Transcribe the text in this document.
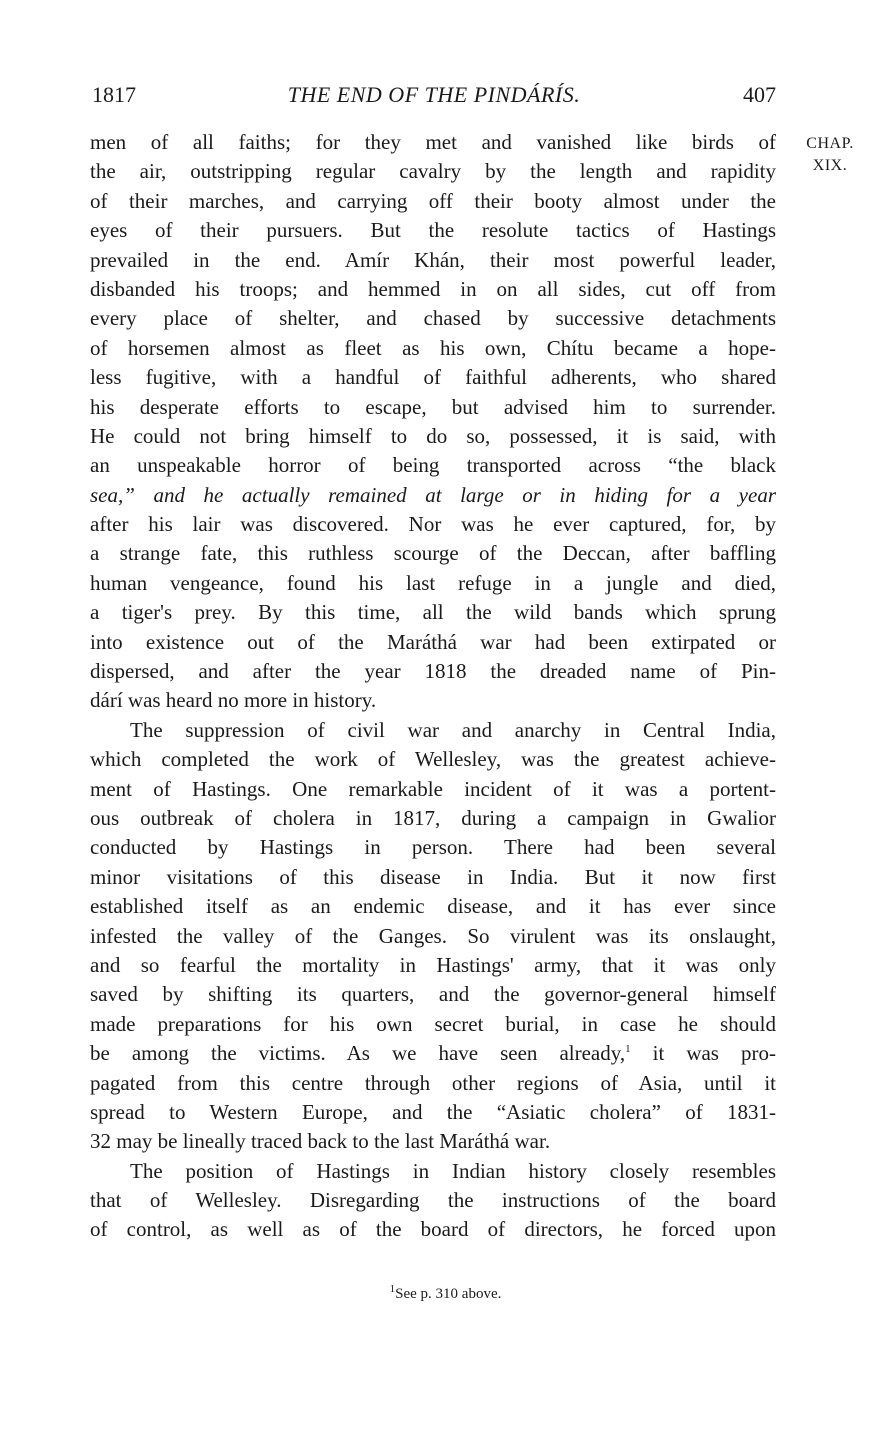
1817	THE END OF THE PINDÁRÍS.	407
CHAP.
XIX.
men of all faiths; for they met and vanished like birds of
the air, outstripping regular cavalry by the length and rapidity
of their marches, and carrying off their booty almost under the
eyes of their pursuers. But the resolute tactics of Hastings
prevailed in the end. Amír Khán, their most powerful leader,
disbanded his troops; and hemmed in on all sides, cut off from
every place of shelter, and chased by successive detachments
of horsemen almost as fleet as his own, Chítu became a hope-
less fugitive, with a handful of faithful adherents, who shared
his desperate efforts to escape, but advised him to surrender.
He could not bring himself to do so, possessed, it is said, with
an unspeakable horror of being transported across “the black
sea,” and he actually remained at large or in hiding for a year
after his lair was discovered. Nor was he ever captured, for, by
a strange fate, this ruthless scourge of the Deccan, after baffling
human vengeance, found his last refuge in a jungle and died,
a tiger's prey. By this time, all the wild bands which sprung
into existence out of the Maráthá war had been extirpated or
dispersed, and after the year 1818 the dreaded name of Pin-
dárí was heard no more in history.
The suppression of civil war and anarchy in Central India,
which completed the work of Wellesley, was the greatest achieve-
ment of Hastings. One remarkable incident of it was a portent-
ous outbreak of cholera in 1817, during a campaign in Gwalior
conducted by Hastings in person. There had been several
minor visitations of this disease in India. But it now first
established itself as an endemic disease, and it has ever since
infested the valley of the Ganges. So virulent was its onslaught,
and so fearful the mortality in Hastings' army, that it was only
saved by shifting its quarters, and the governor-general himself
made preparations for his own secret burial, in case he should
be among the victims. As we have seen already,$^1$ it was pro-
pagated from this centre through other regions of Asia, until it
spread to Western Europe, and the “Asiatic cholera” of 1831-
32 may be lineally traced back to the last Maráthá war.
The position of Hastings in Indian history closely resembles
that of Wellesley. Disregarding the instructions of the board
of control, as well as of the board of directors, he forced upon
$^1$See p. 310 above.
